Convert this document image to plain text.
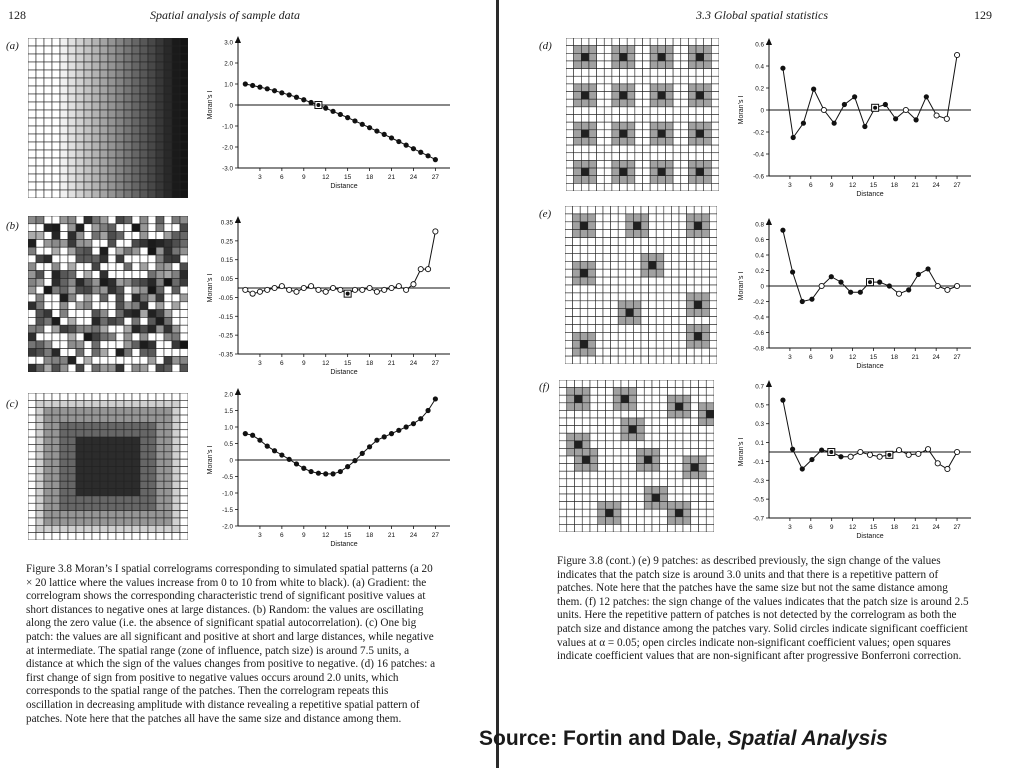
128	Spatial analysis of sample data
(a)	3.0
2.0
1.0
0
-1.0
-2.0
-3.0
3	6	9	12 15 18 21 24 27
Distance
Moran’s I
(b)	0.35
0.25
0.15
0.05
-0.05
-0.15
-0.25
-0.35
3	6	9	12 15 18 21 24 27
Distance
Moran’s I
(c)
2.0
1.5
1.0
0.5
0
-0.5
-1.0
-1.5
-2.0
3	6	9	12 15 18 21 24 27
Distance
Moran’s I
Figure 3.8 Moran’s I spatial correlograms corresponding to simulated spatial patterns (a 20 × 20 lattice where the values increase from 0 to 10 from white to black). (a) Gradient: the correlogram shows the corresponding characteristic trend of significant positive values at short distances to negative ones at large distances. (b) Random: the values are oscillating along the zero value (i.e. the absence of significant spatial autocorrelation). (c) One big patch: the values are all significant and positive at short and large distances, while negative at intermediate. The spatial range (zone of influence, patch size) is around 7.5 units, a distance at which the sign of the values changes from positive to negative. (d) 16 patches: a first change of sign from positive to negative values occurs around 2.0 units, which corresponds to the spatial range of the patches. Then the correlogram repeats this oscillation in decreasing amplitude with distance revealing a repetitive spatial pattern of patches. Note here that the patches all have the same size and distance among them.
3.3 Global spatial statistics	129
(d)	0.6
0.4
0.2
0
-0.2
-0.4
-0.6
3	6	9 12 15 18 21 24 27
Distance
Moran’s I
(e)
0.8
0.6
0.4
0.2
0
-0.2
-0.4
-0.6
-0.8
3	6	9 12 15 18 21 24 27
Distance
Moran’s I
(f)	0.7
0.5
0.3
0.1
-0.1
-0.3
-0.5
-0.7
3	6	9 12 15 18 21 24 27
Distance
Moran’s I
Figure 3.8 (cont.) (e) 9 patches: as described previously, the sign change of the values indicates that the patch size is around 3.0 units and that there is a repetitive pattern of patches. Note here that the patches have the same size but not the same distance among them. (f) 12 patches: the sign change of the values indicates that the patch size is around 2.5 units. Here the repetitive pattern of patches is not detected by the correlogram as both the patch size and distance among the patches vary. Solid circles indicate significant coefficient values at α = 0.05; open circles indicate non-significant coefficient values; open squares indicate coefficient values that are non-significant after progressive Bonferroni correction.
Source: Fortin and Dale, Spatial Analysis
